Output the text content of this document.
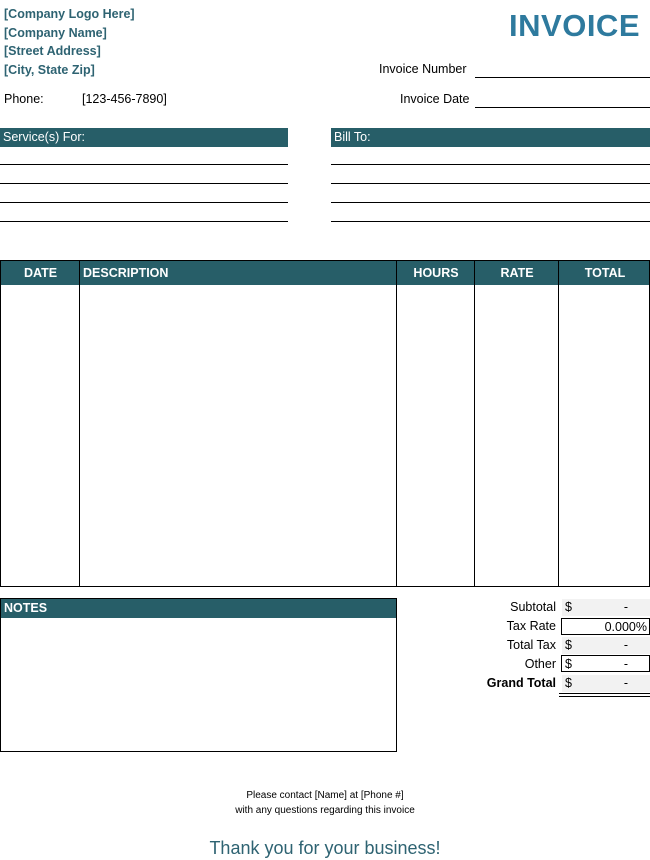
[Company Logo Here]
[Company Name]
[Street Address]
[City, State Zip]
INVOICE
Invoice Number
Invoice Date
Phone:	[123-456-7890]
Service(s) For:	Bill To:
DATE	DESCRIPTION	HOURS	RATE	TOTAL
NOTES	Subtotal $	-
Tax Rate	0.000%
Total Tax $	-
Other $	-
Grand Total $	-
Please contact [Name] at [Phone #]
with any questions regarding this invoice
Thank you for your business!
